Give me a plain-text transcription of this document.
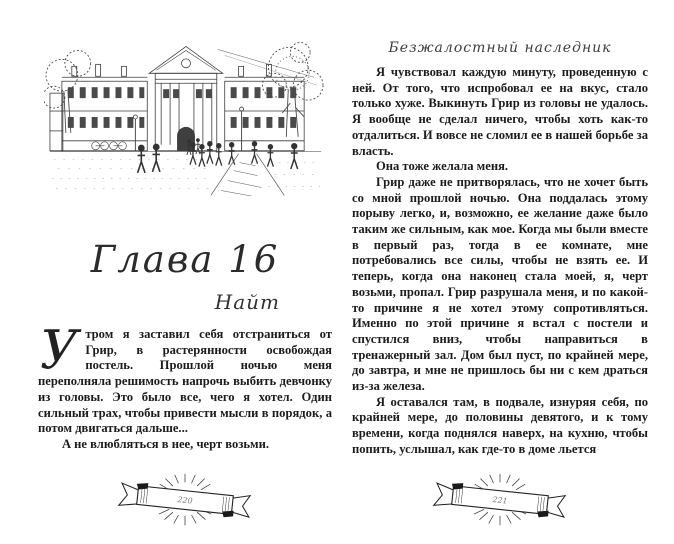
Глава 16
Найт
Утром я заставил себя отстраниться от Грир, в растерянности освобождая постель. Прошлой ночью меня переполняла решимость напрочь выбить девчонку из головы. Это было все, чего я хотел. Один сильный трах, чтобы привести мысли в порядок, а потом двигаться дальше...
А не влюбляться в нее, черт возьми.
220
Безжалостный наследник
Я чувствовал каждую минуту, проведенную с ней. От того, что испробовал ее на вкус, стало только хуже. Выкинуть Грир из головы не удалось. Я вообще не сделал ничего, чтобы хоть как-то отдалиться. И вовсе не сломил ее в нашей борьбе за власть.
Она тоже желала меня.
Грир даже не притворялась, что не хочет быть со мной прошлой ночью. Она поддалась этому порыву легко, и, возможно, ее желание даже было таким же сильным, как мое. Когда мы были вместе в первый раз, тогда в ее комнате, мне потребовались все силы, чтобы не взять ее. И теперь, когда она наконец стала моей, я, черт возьми, пропал. Грир разрушала меня, и по какой-то причине я не хотел этому сопротивляться. Именно по этой причине я встал с постели и спустился вниз, чтобы направиться в тренажерный зал. Дом был пуст, по крайней мере, до завтра, и мне не пришлось бы ни с кем драться из-за железа.
Я оставался там, в подвале, изнуряя себя, по крайней мере, до половины девятого, и к тому времени, когда поднялся наверх, на кухню, чтобы попить, услышал, как где-то в доме льется
221
